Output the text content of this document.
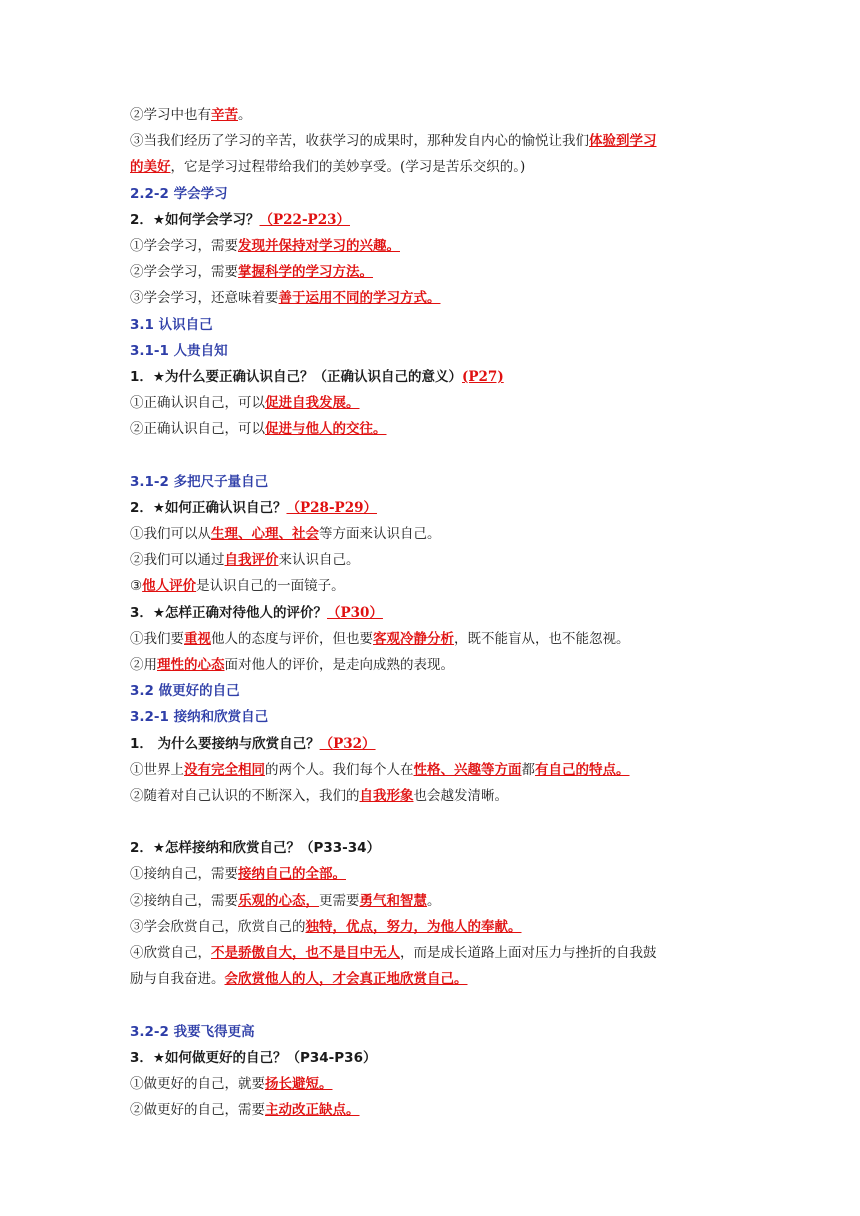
②学习中也有辛苦。
③当我们经历了学习的辛苦，收获学习的成果时，那种发自内心的愉悦让我们体验到学习
的美好，它是学习过程带给我们的美妙享受。(学习是苦乐交织的。)
2.2-2 学会学习
2．★如何学会学习？（P22-P23）
①学会学习，需要发现并保持对学习的兴趣。
②学会学习，需要掌握科学的学习方法。
③学会学习，还意味着要善于运用不同的学习方式。
3.1 认识自己
3.1-1 人贵自知
1．★为什么要正确认识自己？（正确认识自己的意义）(P27)
①正确认识自己，可以促进自我发展。
②正确认识自己，可以促进与他人的交往。
3.1-2 多把尺子量自己
2．★如何正确认识自己？（P28-P29）
①我们可以从生理、心理、社会等方面来认识自己。
②我们可以通过自我评价来认识自己。
③他人评价是认识自己的一面镜子。
3．★怎样正确对待他人的评价？（P30）
①我们要重视他人的态度与评价，但也要客观冷静分析，既不能盲从，也不能忽视。
②用理性的心态面对他人的评价，是走向成熟的表现。
3.2 做更好的自己
3.2-1 接纳和欣赏自己
1． 为什么要接纳与欣赏自己？（P32）
①世界上没有完全相同的两个人。我们每个人在性格、兴趣等方面都有自己的特点。
②随着对自己认识的不断深入，我们的自我形象也会越发清晰。
2．★怎样接纳和欣赏自己？（P33-34）
①接纳自己，需要接纳自己的全部。
②接纳自己，需要乐观的心态，更需要勇气和智慧。
③学会欣赏自己，欣赏自己的独特，优点，努力，为他人的奉献。
④欣赏自己，不是骄傲自大，也不是目中无人，而是成长道路上面对压力与挫折的自我鼓
励与自我奋进。会欣赏他人的人，才会真正地欣赏自己。
3.2-2 我要飞得更高
3．★如何做更好的自己？（P34-P36）
①做更好的自己，就要扬长避短。
②做更好的自己，需要主动改正缺点。
